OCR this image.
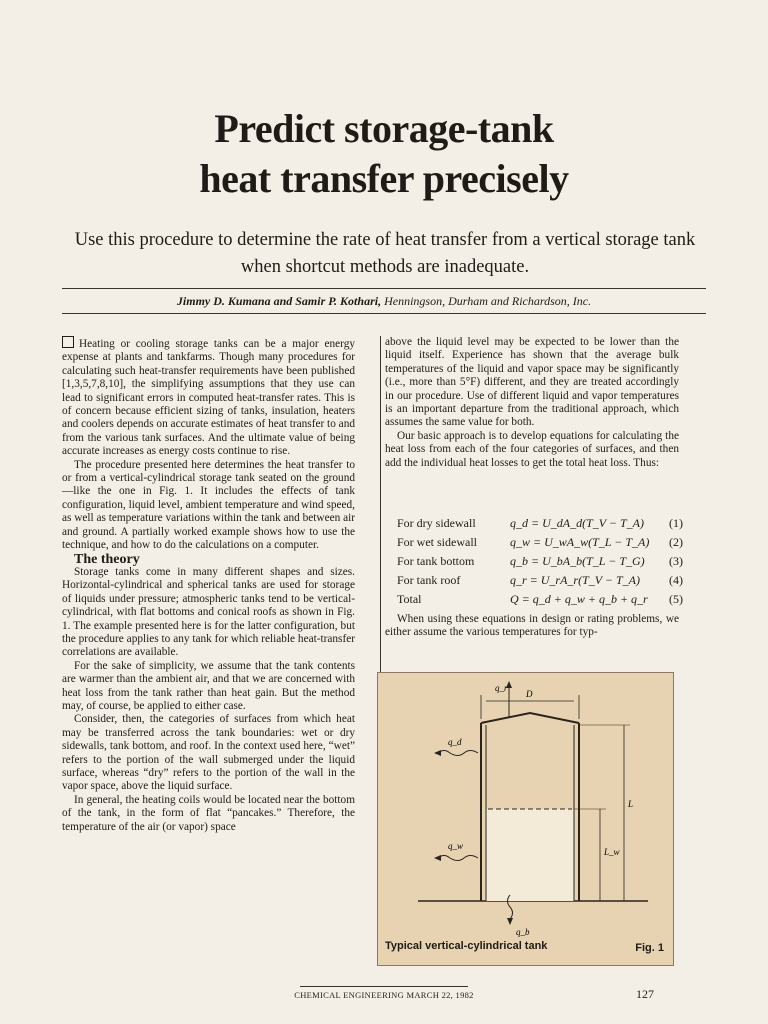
Predict storage-tank
heat transfer precisely
Use this procedure to determine the rate of heat transfer from a vertical storage tank when shortcut methods are inadequate.
Jimmy D. Kumana and Samir P. Kothari, Henningson, Durham and Richardson, Inc.

Heating or cooling storage tanks can be a major energy expense at plants and tankfarms. Though many procedures for calculating such heat-transfer requirements have been published [1,3,5,7,8,10], the simplifying assumptions that they use can lead to significant errors in computed heat-transfer rates. This is of concern because efficient sizing of tanks, insulation, heaters and coolers depends on accurate estimates of heat transfer to and from the various tank surfaces. And the ultimate value of being accurate increases as energy costs continue to rise.

The procedure presented here determines the heat transfer to or from a vertical-cylindrical storage tank seated on the ground—like the one in Fig. 1. It includes the effects of tank configuration, liquid level, ambient temperature and wind speed, as well as temperature variations within the tank and between air and ground. A partially worked example shows how to use the technique, and how to do the calculations on a computer.

The theory

Storage tanks come in many different shapes and sizes. Horizontal-cylindrical and spherical tanks are used for storage of liquids under pressure; atmospheric tanks tend to be vertical-cylindrical, with flat bottoms and conical roofs as shown in Fig. 1. The example presented here is for the latter configuration, but the procedure applies to any tank for which reliable heat-transfer correlations are available.

For the sake of simplicity, we assume that the tank contents are warmer than the ambient air, and that we are concerned with heat loss from the tank rather than heat gain. But the method may, of course, be applied to either case.

Consider, then, the categories of surfaces from which heat may be transferred across the tank boundaries: wet or dry sidewalls, tank bottom, and roof. In the context used here, “wet” refers to the portion of the wall submerged under the liquid surface, whereas “dry” refers to the portion of the wall in the vapor space, above the liquid surface.

In general, the heating coils would be located near the bottom of the tank, in the form of flat “pancakes.” Therefore, the temperature of the air (or vapor) space

above the liquid level may be expected to be lower than the liquid itself. Experience has shown that the average bulk temperatures of the liquid and vapor space may be significantly (i.e., more than 5°F) different, and they are treated accordingly in our procedure. Use of different liquid and vapor temperatures is an important departure from the traditional approach, which assumes the same value for both.

Our basic approach is to develop equations for calculating the heat loss from each of the four categories of surfaces, and then add the individual heat losses to get the total heat loss. Thus:

For dry sidewall	q_d = U_dA_d(T_V − T_A) (1)
For wet sidewall	q_w = U_wA_w(T_L − T_A) (2)
For tank bottom	q_b = U_bA_b(T_L − T_G) (3)
For tank roof	q_r = U_rA_r(T_V − T_A) (4)
Total	Q = q_d + q_w + q_b + q_r (5)

When using these equations in design or rating problems, we either assume the various temperatures for typ-

q_r
D
q_d
q_w
q_b
L
L_w
Typical vertical-cylindrical tank	Fig. 1
CHEMICAL ENGINEERING MARCH 22, 1982	127
